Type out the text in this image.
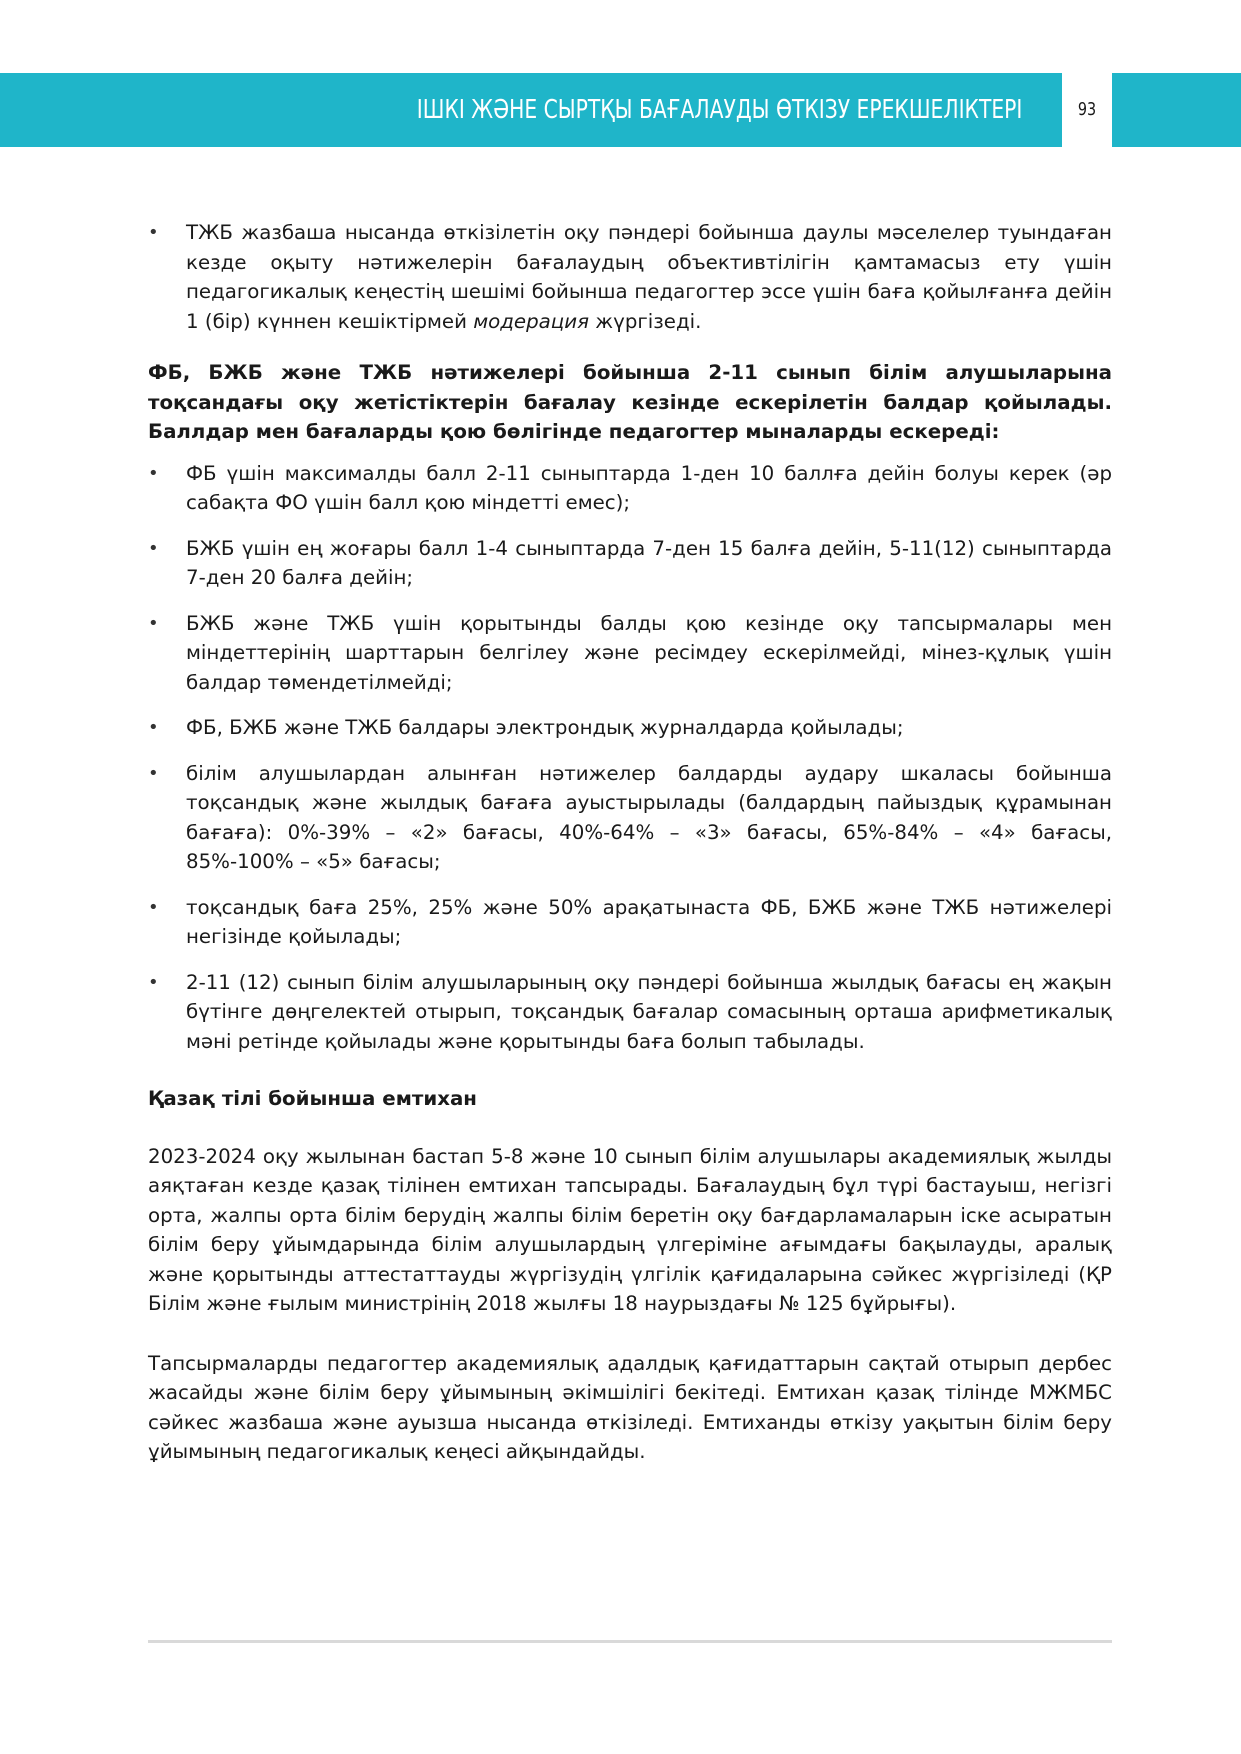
ІШКІ ЖӘНЕ СЫРТҚЫ БАҒАЛАУДЫ ӨТКІЗУ ЕРЕКШЕЛІКТЕРІ	93
• ТЖБ жазбаша нысанда өткізілетін оқу пәндері бойынша даулы мәселелер туындаған кезде оқыту нәтижелерін бағалаудың объективтілігін қамтамасыз ету үшін педагогикалық кеңестің шешімі бойынша педагогтер эссе үшін баға қойылғанға дейін 1 (бір) күннен кешіктірмей модерация жүргізеді.

ФБ, БЖБ және ТЖБ нәтижелері бойынша 2-11 сынып білім алушыларына тоқсандағы оқу жетістіктерін бағалау кезінде ескерілетін балдар қойылады. Баллдар мен бағаларды қою бөлігінде педагогтер мыналарды ескереді:

• ФБ үшін максималды балл 2-11 сыныптарда 1-ден 10 баллға дейін болуы керек (әр сабақта ФО үшін балл қою міндетті емес);
• БЖБ үшін ең жоғары балл 1-4 сыныптарда 7-ден 15 балға дейін, 5-11(12) сыныптарда 7-ден 20 балға дейін;
• БЖБ және ТЖБ үшін қорытынды балды қою кезінде оқу тапсырмалары мен міндеттерінің шарттарын белгілеу және ресімдеу ескерілмейді, мінез-құлық үшін балдар төмендетілмейді;
• ФБ, БЖБ және ТЖБ балдары электрондық журналдарда қойылады;
• білім алушылардан алынған нәтижелер балдарды аудару шкаласы бойынша тоқсандық және жылдық бағаға ауыстырылады (балдардың пайыздық құрамынан бағаға): 0%-39% – «2» бағасы, 40%-64% – «3» бағасы, 65%-84% – «4» бағасы, 85%-100% – «5» бағасы;
• тоқсандық баға 25%, 25% және 50% арақатынаста ФБ, БЖБ және ТЖБ нәтижелері негізінде қойылады;
• 2-11 (12) сынып білім алушыларының оқу пәндері бойынша жылдық бағасы ең жақын бүтінге дөңгелектей отырып, тоқсандық бағалар сомасының орташа арифметикалық мәні ретінде қойылады және қорытынды баға болып табылады.

Қазақ тілі бойынша емтихан

2023-2024 оқу жылынан бастап 5-8 және 10 сынып білім алушылары академиялық жылды аяқтаған кезде қазақ тілінен емтихан тапсырады. Бағалаудың бұл түрі бастауыш, негізгі орта, жалпы орта білім берудің жалпы білім беретін оқу бағдарламаларын іске асыратын білім беру ұйымдарында білім алушылардың үлгеріміне ағымдағы бақылауды, аралық және қорытынды аттестаттауды жүргізудің үлгілік қағидаларына сәйкес жүргізіледі (ҚР Білім және ғылым министрінің 2018 жылғы 18 наурыздағы № 125 бұйрығы).

Тапсырмаларды педагогтер академиялық адалдық қағидаттарын сақтай отырып дербес жасайды және білім беру ұйымының әкімшілігі бекітеді. Емтихан қазақ тілінде МЖМБС сәйкес жазбаша және ауызша нысанда өткізіледі. Емтиханды өткізу уақытын білім беру ұйымының педагогикалық кеңесі айқындайды.
